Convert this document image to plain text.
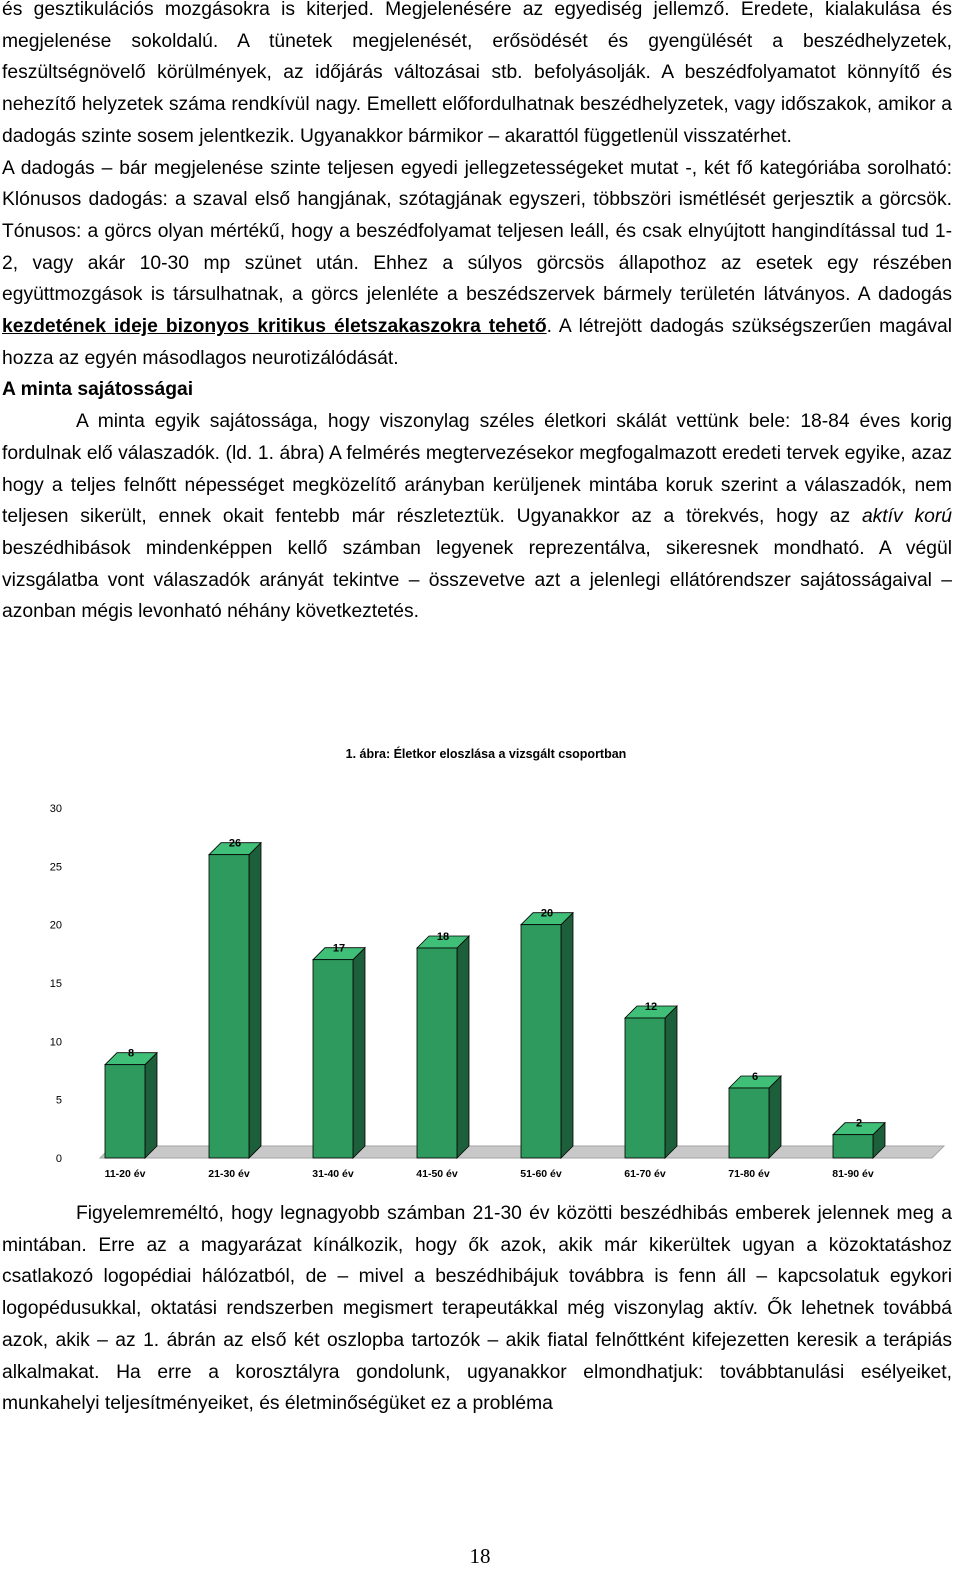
és gesztikulációs mozgásokra is kiterjed. Megjelenésére az egyediség jellemző. Eredete, kialakulása és megjelenése sokoldalú. A tünetek megjelenését, erősödését és gyengülését a beszédhelyzetek, feszültségnövelő körülmények, az időjárás változásai stb. befolyásolják. A beszédfolyamatot könnyítő és nehezítő helyzetek száma rendkívül nagy. Emellett előfordulhatnak beszédhelyzetek, vagy időszakok, amikor a dadogás szinte sosem jelentkezik. Ugyanakkor bármikor – akarattól függetlenül visszatérhet.

A dadogás – bár megjelenése szinte teljesen egyedi jellegzetességeket mutat -, két fő kategóriába sorolható: Klónusos dadogás: a szaval első hangjának, szótagjának egyszeri, többszöri ismétlését gerjesztik a görcsök. Tónusos: a görcs olyan mértékű, hogy a beszédfolyamat teljesen leáll, és csak elnyújtott hangindítással tud 1-2, vagy akár 10-30 mp szünet után. Ehhez a súlyos görcsös állapothoz az esetek egy részében együttmozgások is társulhatnak, a görcs jelenléte a beszédszervek bármely területén látványos. A dadogás kezdetének ideje bizonyos kritikus életszakaszokra tehető. A létrejött dadogás szükségszerűen magával hozza az egyén másodlagos neurotizálódását.

A minta sajátosságai

A minta egyik sajátossága, hogy viszonylag széles életkori skálát vettünk bele: 18-84 éves korig fordulnak elő válaszadók. (ld. 1. ábra) A felmérés megtervezésekor megfogalmazott eredeti tervek egyike, azaz hogy a teljes felnőtt népességet megközelítő arányban kerüljenek mintába koruk szerint a válaszadók, nem teljesen sikerült, ennek okait fentebb már részleteztük. Ugyanakkor az a törekvés, hogy az aktív korú beszédhibások mindenképpen kellő számban legyenek reprezentálva, sikeresnek mondható. A végül vizsgálatba vont válaszadók arányát tekintve – összevetve azt a jelenlegi ellátórendszer sajátosságaival – azonban mégis levonható néhány következtetés.

1. ábra: Életkor eloszlása a vizsgált csoportban
0
5
10
15
20
25
30
8
26
17
18
20
12
6
2
11-20 év	21-30 év	31-40 év	41-50 év	51-60 év	61-70 év	71-80 év	81-90 év

Figyelemreméltó, hogy legnagyobb számban 21-30 év közötti beszédhibás emberek jelennek meg a mintában. Erre az a magyarázat kínálkozik, hogy ők azok, akik már kikerültek ugyan a közoktatáshoz csatlakozó logopédiai hálózatból, de – mivel a beszédhibájuk továbbra is fenn áll – kapcsolatuk egykori logopédusukkal, oktatási rendszerben megismert terapeutákkal még viszonylag aktív. Ők lehetnek továbbá azok, akik – az 1. ábrán az első két oszlopba tartozók – akik fiatal felnőttként kifejezetten keresik a terápiás alkalmakat. Ha erre a korosztályra gondolunk, ugyanakkor elmondhatjuk: továbbtanulási esélyeiket, munkahelyi teljesítményeiket, és életminőségüket ez a probléma

18
